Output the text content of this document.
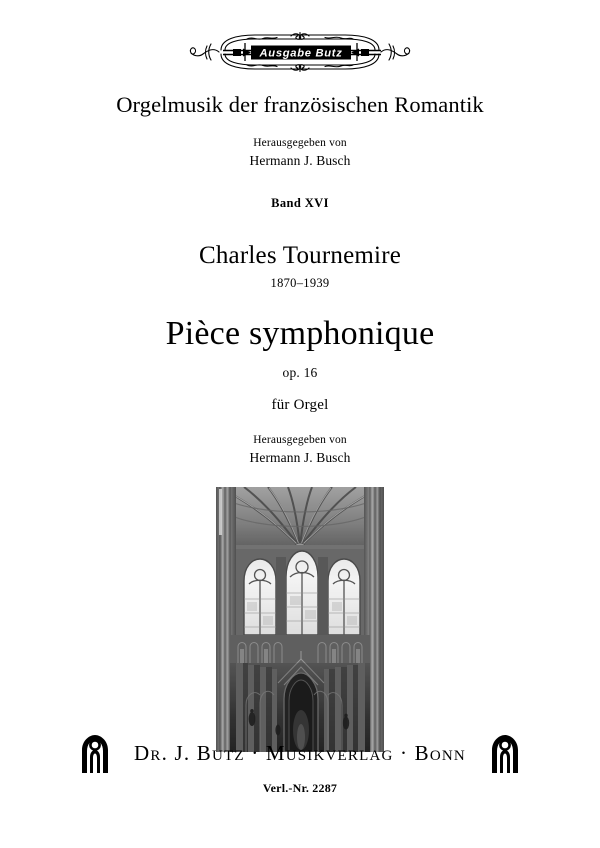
Ausgabe Butz
Orgelmusik der französischen Romantik
Herausgegeben von
Hermann J. Busch
Band XVI
Charles Tournemire
1870–1939
Pièce symphonique
op. 16
für Orgel
Herausgegeben von
Hermann J. Busch
Dr. J. Butz · Musikverlag · Bonn
Verl.-Nr. 2287
